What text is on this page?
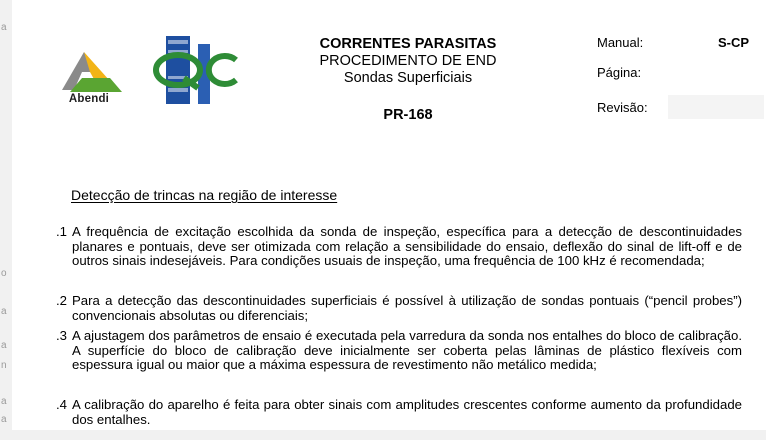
a
o
a
a
n
a
a
Abendi
CORRENTES PARASITAS
PROCEDIMENTO DE END
Sondas Superficiais
PR-168
Manual:	S-CP
Página:
Revisão:
Detecção de trincas na região de interesse
.1 A frequência de excitação escolhida da sonda de inspeção, específica para a detecção de descontinuidades planares e pontuais, deve ser otimizada com relação a sensibilidade do ensaio, deflexão do sinal de lift-off e de outros sinais indesejáveis. Para condições usuais de inspeção, uma frequência de 100 kHz é recomendada;
.2 Para a detecção das descontinuidades superficiais é possível à utilização de sondas pontuais (“pencil probes”) convencionais absolutas ou diferenciais;
.3 A ajustagem dos parâmetros de ensaio é executada pela varredura da sonda nos entalhes do bloco de calibração. A superfície do bloco de calibração deve inicialmente ser coberta pelas lâminas de plástico flexíveis com espessura igual ou maior que a máxima espessura de revestimento não metálico medida;
.4 A calibração do aparelho é feita para obter sinais com amplitudes crescentes conforme aumento da profundidade dos entalhes.
